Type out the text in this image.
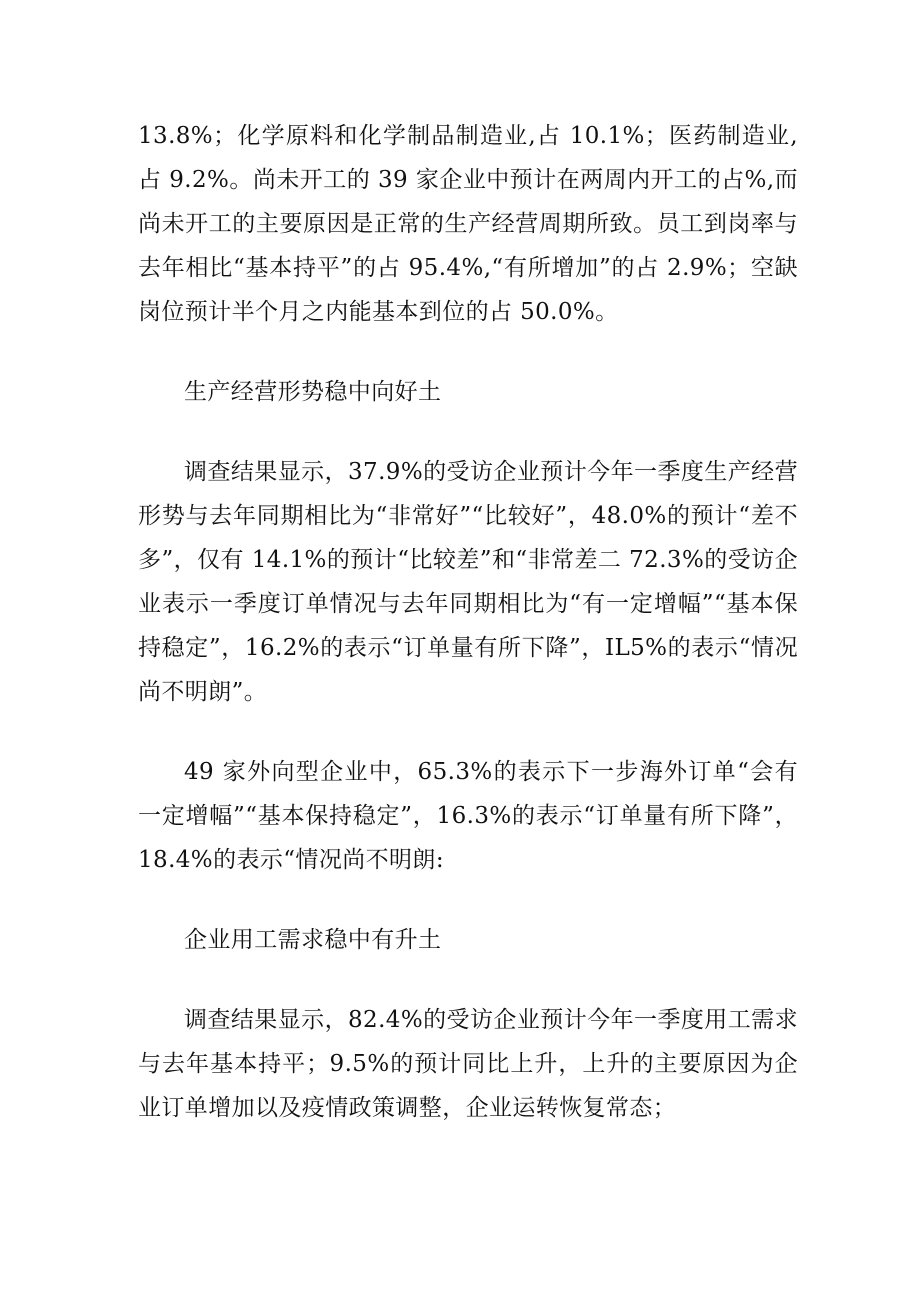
13.8%；化学原料和化学制品制造业,占 10.1%；医药制造业,占 9.2%。尚未开工的 39 家企业中预计在两周内开工的占%,而尚未开工的主要原因是正常的生产经营周期所致。员工到岗率与去年相比“基本持平”的占 95.4%,“有所增加”的占 2.9%；空缺岗位预计半个月之内能基本到位的占 50.0%。

生产经营形势稳中向好土

调查结果显示，37.9%的受访企业预计今年一季度生产经营形势与去年同期相比为“非常好”“比较好”，48.0%的预计“差不多”，仅有 14.1%的预计“比较差”和“非常差二 72.3%的受访企业表示一季度订单情况与去年同期相比为“有一定增幅”“基本保持稳定”，16.2%的表示“订单量有所下降”，IL5%的表示“情况尚不明朗”。

49 家外向型企业中，65.3%的表示下一步海外订单“会有一定增幅”“基本保持稳定”，16.3%的表示“订单量有所下降”，18.4%的表示“情况尚不明朗:

企业用工需求稳中有升土

调查结果显示，82.4%的受访企业预计今年一季度用工需求与去年基本持平；9.5%的预计同比上升，上升的主要原因为企业订单增加以及疫情政策调整，企业运转恢复常态；
